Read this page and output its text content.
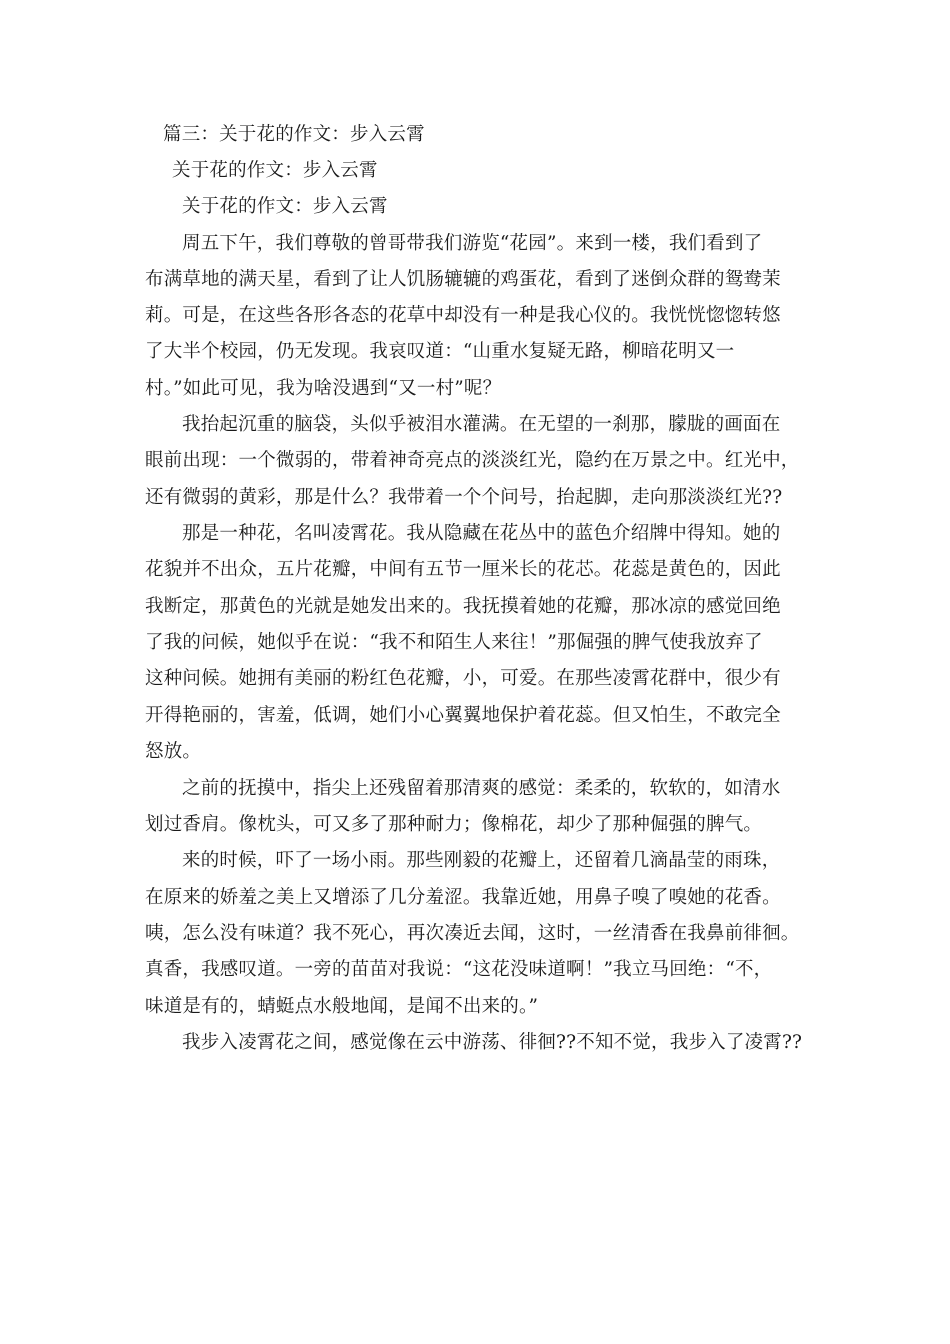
篇三：关于花的作文：步入云霄
关于花的作文：步入云霄
关于花的作文：步入云霄
周五下午，我们尊敬的曾哥带我们游览“花园”。来到一楼，我们看到了
布满草地的满天星，看到了让人饥肠辘辘的鸡蛋花，看到了迷倒众群的鸳鸯茉
莉。可是，在这些各形各态的花草中却没有一种是我心仪的。我恍恍惚惚转悠
了大半个校园，仍无发现。我哀叹道：“山重水复疑无路，柳暗花明又一
村。”如此可见，我为啥没遇到“又一村”呢？
我抬起沉重的脑袋，头似乎被泪水灌满。在无望的一刹那，朦胧的画面在
眼前出现：一个微弱的，带着神奇亮点的淡淡红光，隐约在万景之中。红光中，
还有微弱的黄彩，那是什么？我带着一个个问号，抬起脚，走向那淡淡红光??
那是一种花，名叫凌霄花。我从隐藏在花丛中的蓝色介绍牌中得知。她的
花貌并不出众，五片花瓣，中间有五节一厘米长的花芯。花蕊是黄色的，因此
我断定，那黄色的光就是她发出来的。我抚摸着她的花瓣，那冰凉的感觉回绝
了我的问候，她似乎在说：“我不和陌生人来往！”那倔强的脾气使我放弃了
这种问候。她拥有美丽的粉红色花瓣，小，可爱。在那些凌霄花群中，很少有
开得艳丽的，害羞，低调，她们小心翼翼地保护着花蕊。但又怕生，不敢完全
怒放。
之前的抚摸中，指尖上还残留着那清爽的感觉：柔柔的，软软的，如清水
划过香肩。像枕头，可又多了那种耐力；像棉花，却少了那种倔强的脾气。
来的时候，吓了一场小雨。那些刚毅的花瓣上，还留着几滴晶莹的雨珠，
在原来的娇羞之美上又增添了几分羞涩。我靠近她，用鼻子嗅了嗅她的花香。
咦，怎么没有味道？我不死心，再次凑近去闻，这时，一丝清香在我鼻前徘徊。
真香，我感叹道。一旁的苗苗对我说：“这花没味道啊！”我立马回绝：“不，
味道是有的，蜻蜓点水般地闻，是闻不出来的。”
我步入凌霄花之间，感觉像在云中游荡、徘徊??不知不觉，我步入了凌霄??
